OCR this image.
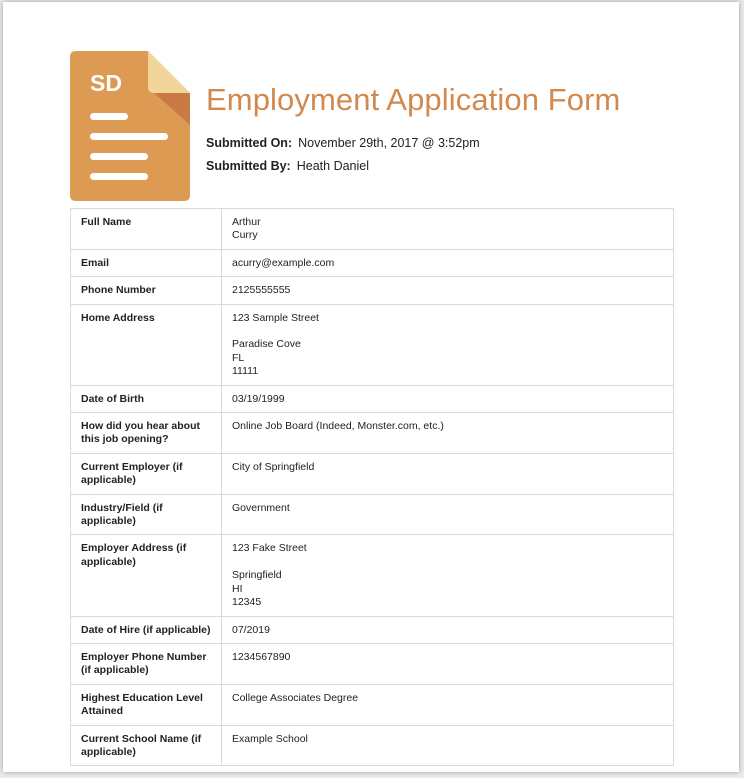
SD	Employment Application Form
Submitted On: November 29th, 2017 @ 3:52pm
Submitted By: Heath Daniel
Full Name	Arthur
Curry

Email	acurry@example.com

Phone Number	2125555555

Home Address	123 Sample Street
Paradise Cove
FL
11111

Date of Birth	03/19/1999

How did you hear about this job opening?	Online Job Board (Indeed, Monster.com, etc.)

Current Employer (if applicable)	City of Springfield

Industry/Field (if applicable)	Government

Employer Address (if applicable)	123 Fake Street
Springfield
HI
12345

Date of Hire (if applicable)	07/2019

Employer Phone Number (if applicable)	1234567890

Highest Education Level Attained	College Associates Degree

Current School Name (if applicable)	Example School
